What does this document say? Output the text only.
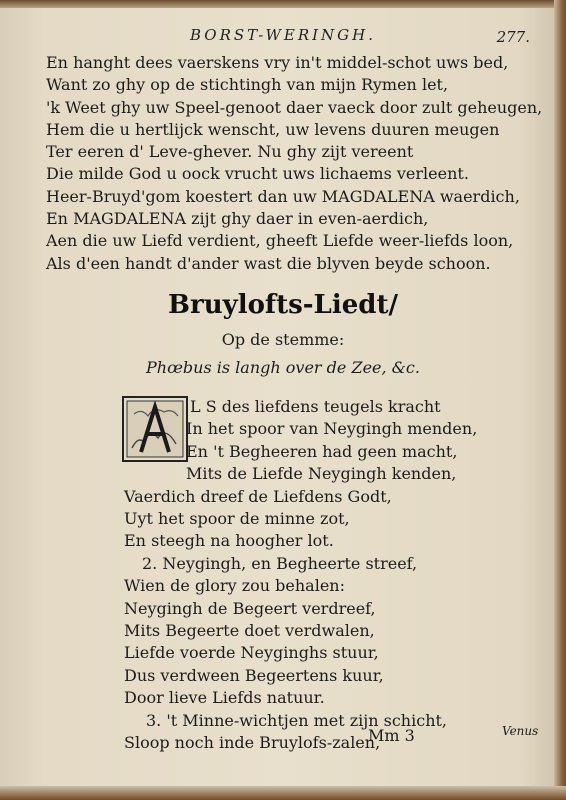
BORST-WERINGH.	277.
En hanght dees vaerskens vry in't middel-schot uws bed,
Want zo ghy op de stichtingh van mijn Rymen let,
'k Weet ghy uw Speel-genoot daer vaeck door zult geheugen,
Hem die u hertlijck wenscht, uw levens duuren meugen
Ter eeren d' Leve-ghever. Nu ghy zijt vereent
Die milde God u oock vrucht uws lichaems verleent.
Heer-Bruyd'gom koestert dan uw MAGDALENA waerdich,
En MAGDALENA zijt ghy daer in even-aerdich,
Aen die uw Liefd verdient, gheeft Liefde weer-liefds loon,
Als d'een handt d'ander wast die blyven beyde schoon.
Bruylofts-Liedt/
Op de stemme:
Phœbus is langh over de Zee, &c.
L S des liefdens teugels kracht
In het spoor van Neygingh menden,
En 't Begheeren had geen macht,
Mits de Liefde Neygingh kenden,
Vaerdich dreef de Liefdens Godt,
Uyt het spoor de minne zot,
En steegh na hoogher lot.
2. Neygingh, en Begheerte streef,
Wien de glory zou behalen:
Neygingh de Begeert verdreef,
Mits Begeerte doet verdwalen,
Liefde voerde Neyginghs stuur,
Dus verdween Begeertens kuur,
Door lieve Liefds natuur.
3. 't Minne-wichtjen met zijn schicht,
Sloop noch inde Bruylofs-zalen,
Mm 3	Venus
